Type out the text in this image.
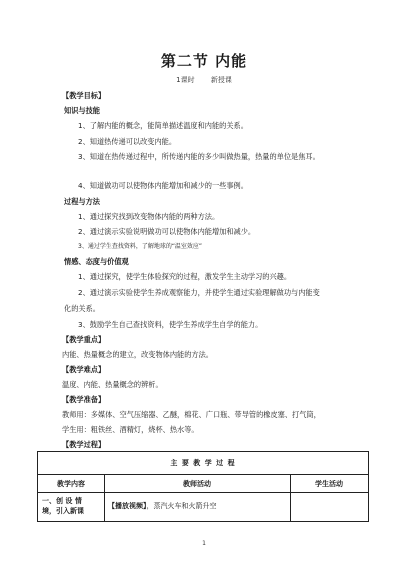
第二节 内能
1课时 新授课
【教学目标】
知识与技能
1、了解内能的概念，能简单描述温度和内能的关系。
2、知道热传递可以改变内能。
3、知道在热传递过程中，所传递内能的多少叫做热量，热量的单位是焦耳。
4、知道做功可以使物体内能增加和减少的一些事例。
过程与方法
1、通过探究找到改变物体内能的两种方法。
2、通过演示实验说明做功可以使物体内能增加和减少。
3、通过学生查找资料，了解地球的“温室效应”
情感、态度与价值观
1、通过探究，使学生体验探究的过程，激发学生主动学习的兴趣。
2、通过演示实验使学生养成观察能力，并使学生通过实验理解做功与内能变
化的关系。
3、鼓励学生自己查找资料，使学生养成学生自学的能力。
【教学重点】
内能、热量概念的建立，改变物体内能的方法。
【教学难点】
温度、内能、热量概念的辨析。
【教学准备】
教师用：多媒体、空气压缩器、乙醚，棉花、广口瓶、带导管的橡皮塞、打气筒，
学生用：粗铁丝、酒精灯，烧杯、热水等。
【教学过程】
主 要 教 学 过 程
教学内容	教师活动	学生活动
一、创 设 情
境，引入新课
【播放视频】，蒸汽火车和火箭升空
1
